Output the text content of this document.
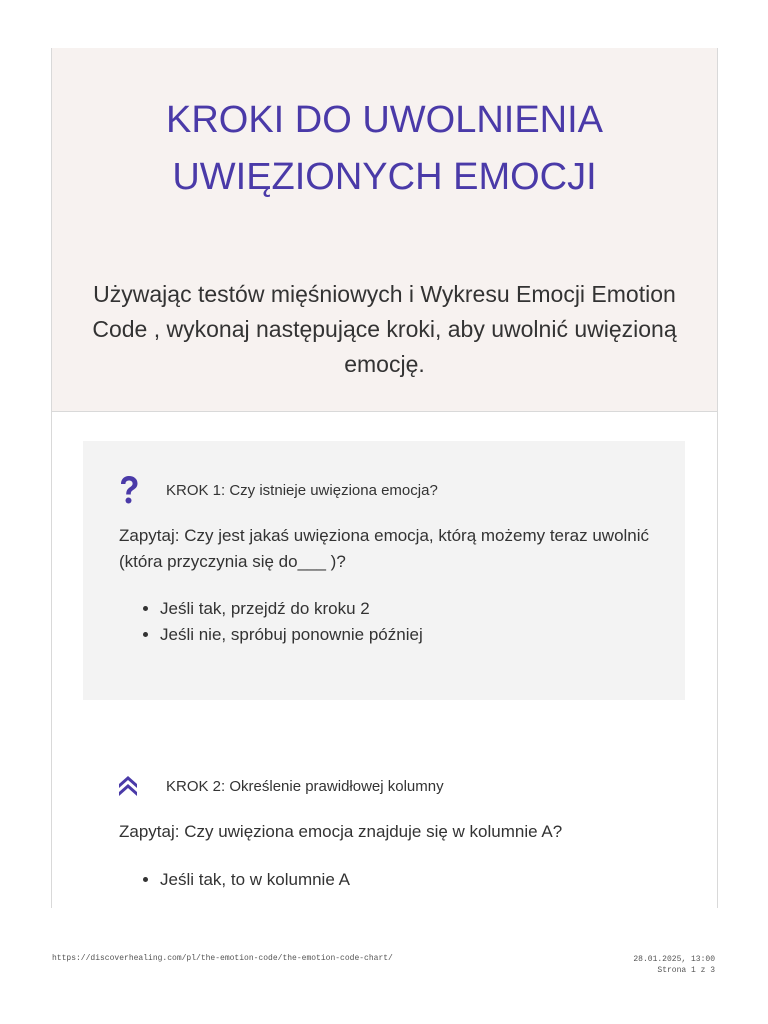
KROKI DO UWOLNIENIA
UWIĘZIONYCH EMOCJI

Używając testów mięśniowych i Wykresu Emocji Emotion Code , wykonaj następujące kroki, aby uwolnić uwięzioną emocję.

KROK 1: Czy istnieje uwięziona emocja?

Zapytaj: Czy jest jakaś uwięziona emocja, którą możemy teraz uwolnić (która przyczynia się do___ )?

• Jeśli tak, przejdź do kroku 2
• Jeśli nie, spróbuj ponownie później
KROK 2: Określenie prawidłowej kolumny

Zapytaj: Czy uwięziona emocja znajduje się w kolumnie A?

• Jeśli tak, to w kolumnie A
https://discoverhealing.com/pl/the-emotion-code/the-emotion-code-chart/	28.01.2025, 13:00
Strona 1 z 3
